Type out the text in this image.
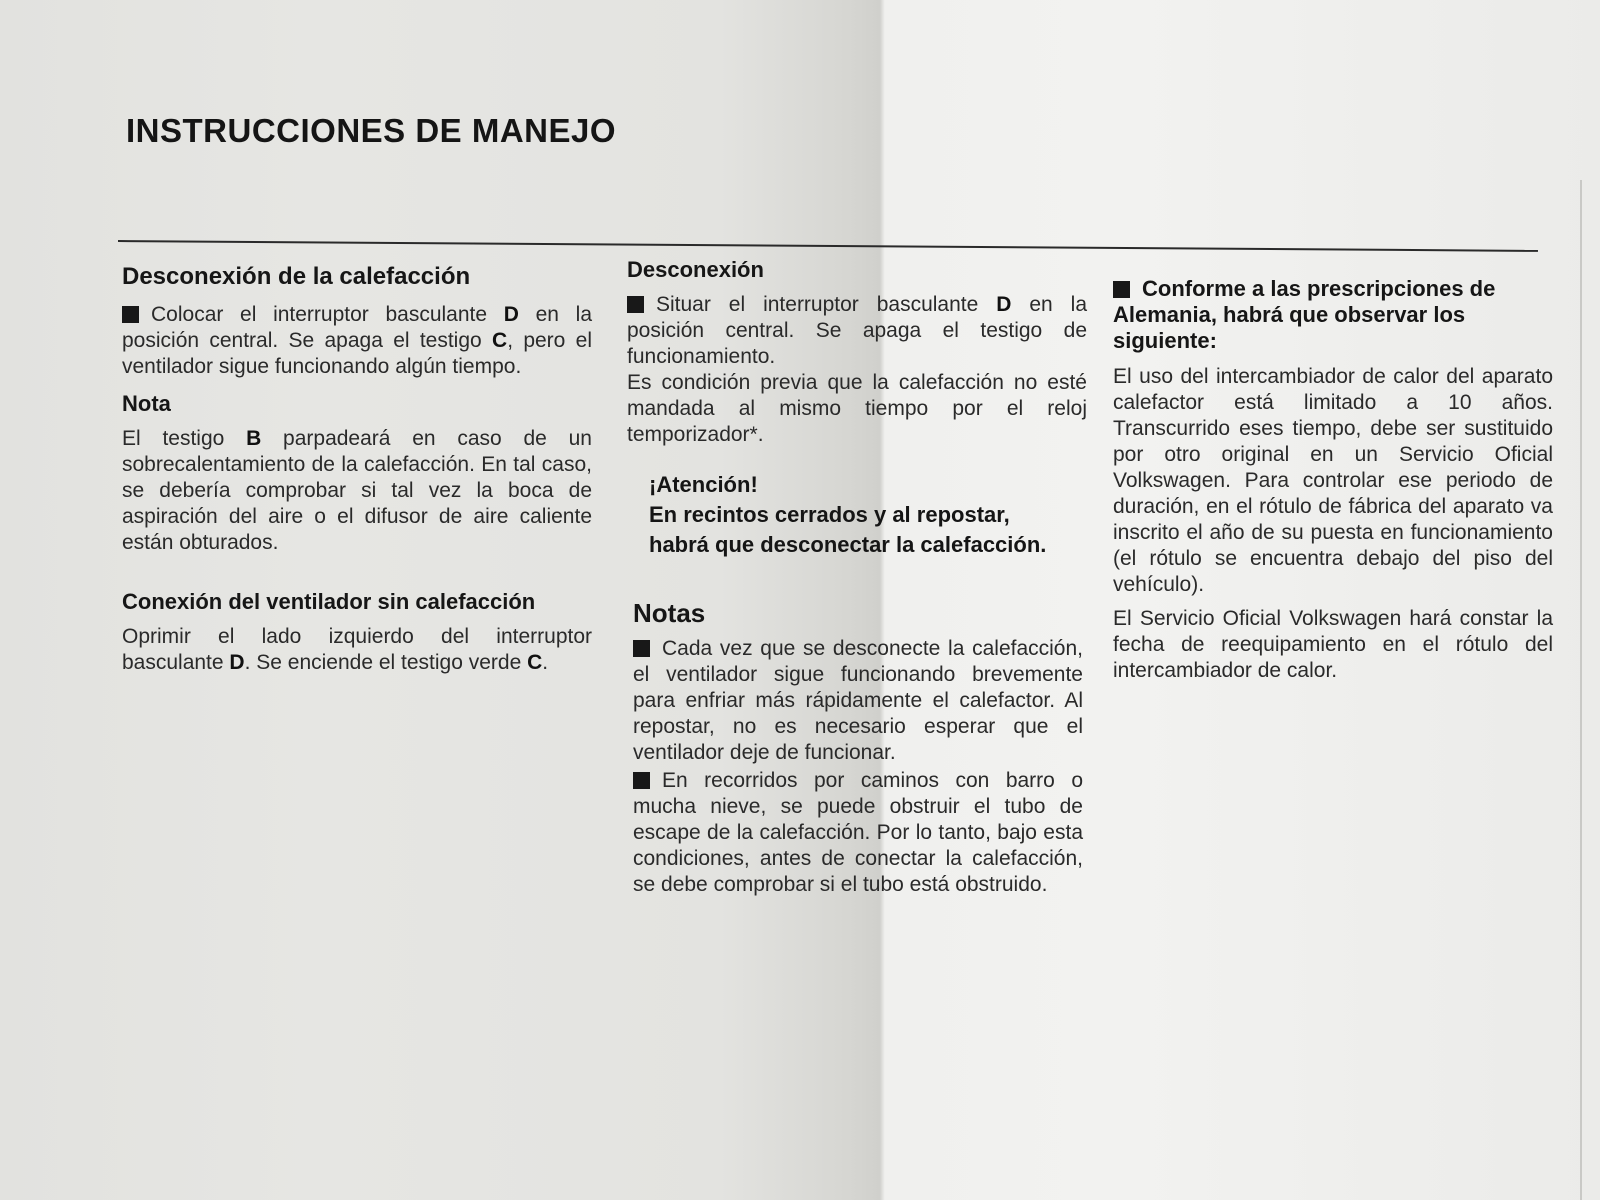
INSTRUCCIONES DE MANEJO
Desconexión de la calefacción

Colocar el interruptor basculante D en la posición central. Se apaga el testigo C, pero el ventilador sigue funcionando algún tiempo.

Nota

El testigo B parpadeará en caso de un sobrecalentamiento de la calefacción. En tal caso, se debería comprobar si tal vez la boca de aspiración del aire o el difusor de aire caliente están obturados.

Conexión del ventilador sin calefacción

Oprimir el lado izquierdo del interruptor basculante D. Se enciende el testigo verde C.

Desconexión

Situar el interruptor basculante D en la posición central. Se apaga el testigo de funcionamiento.

Es condición previa que la calefacción no esté mandada al mismo tiempo por el reloj temporizador*.

¡Atención!
En recintos cerrados y al repostar, habrá que desconectar la calefacción.
Notas

Cada vez que se desconecte la calefacción, el ventilador sigue funcionando brevemente para enfriar más rápidamente el calefactor. Al repostar, no es necesario esperar que el ventilador deje de funcionar.

En recorridos por caminos con barro o mucha nieve, se puede obstruir el tubo de escape de la calefacción. Por lo tanto, bajo esta condiciones, antes de conectar la calefacción, se debe comprobar si el tubo está obstruido.

Conforme a las prescripciones de Alemania, habrá que observar los siguiente:

El uso del intercambiador de calor del aparato calefactor está limitado a 10 años. Transcurrido eses tiempo, debe ser sustituido por otro original en un Servicio Oficial Volkswagen. Para controlar ese periodo de duración, en el rótulo de fábrica del aparato va inscrito el año de su puesta en funcionamiento (el rótulo se encuentra debajo del piso del vehículo).

El Servicio Oficial Volkswagen hará constar la fecha de reequipamiento en el rótulo del intercambiador de calor.
